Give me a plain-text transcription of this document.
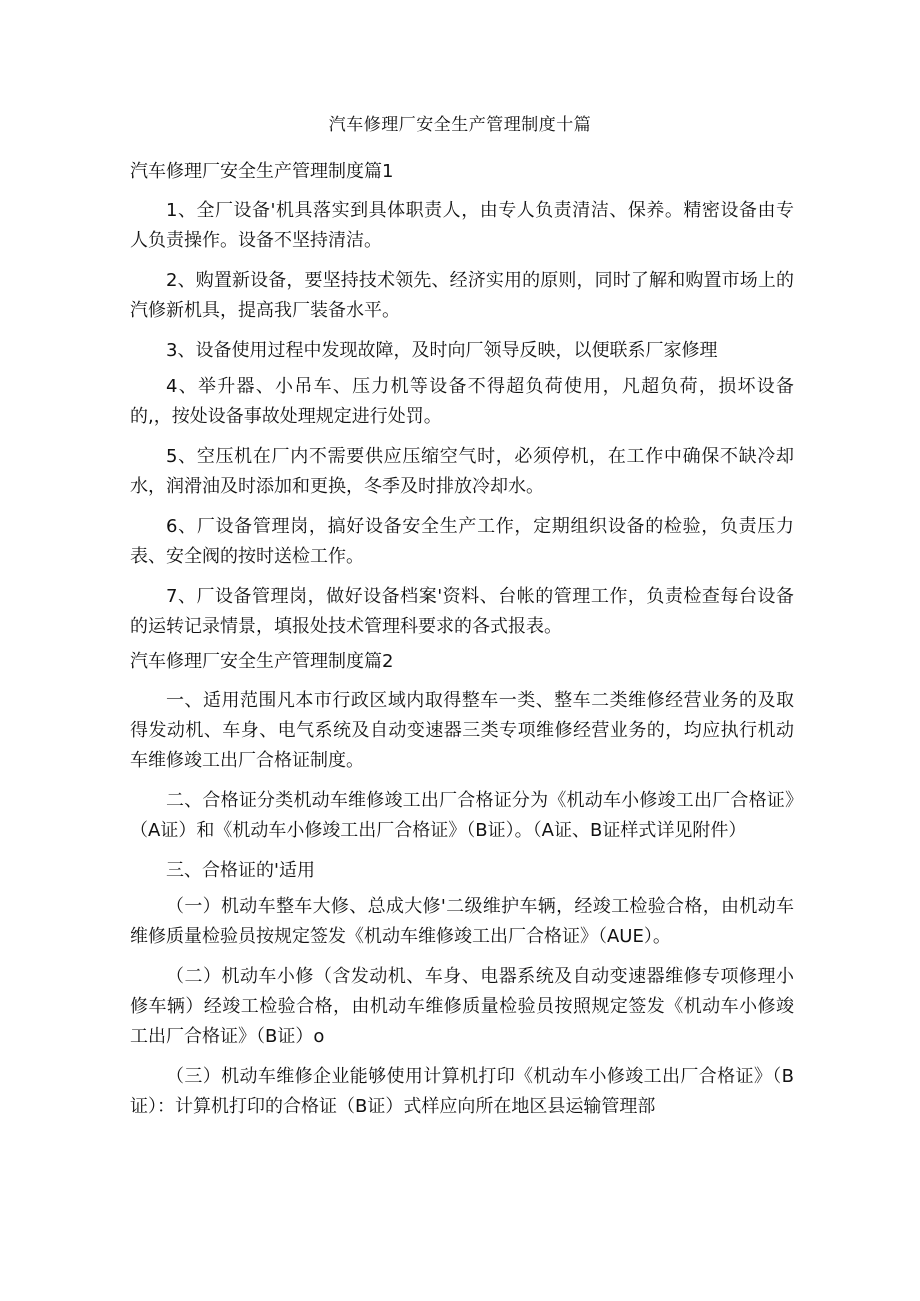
汽车修理厂安全生产管理制度十篇
汽车修理厂安全生产管理制度篇1

1、全厂设备'机具落实到具体职责人，由专人负责清洁、保养。精密设备由专人负责操作。设备不坚持清洁。

2、购置新设备，要坚持技术领先、经济实用的原则，同时了解和购置市场上的汽修新机具，提高我厂装备水平。

3、设备使用过程中发现故障，及时向厂领导反映，以便联系厂家修理

4、举升器、小吊车、压力机等设备不得超负荷使用，凡超负荷，损坏设备的,，按处设备事故处理规定进行处罚。

5、空压机在厂内不需要供应压缩空气时，必须停机，在工作中确保不缺冷却水，润滑油及时添加和更换，冬季及时排放冷却水。

6、厂设备管理岗，搞好设备安全生产工作，定期组织设备的检验，负责压力表、安全阀的按时送检工作。

7、厂设备管理岗，做好设备档案'资料、台帐的管理工作，负责检查每台设备的运转记录情景，填报处技术管理科要求的各式报表。

汽车修理厂安全生产管理制度篇2

一、适用范围凡本市行政区域内取得整车一类、整车二类维修经营业务的及取得发动机、车身、电气系统及自动变速器三类专项维修经营业务的，均应执行机动车维修竣工出厂合格证制度。

二、合格证分类机动车维修竣工出厂合格证分为《机动车小修竣工出厂合格证》（A证）和《机动车小修竣工出厂合格证》（B证）。（A证、B证样式详见附件）

三、合格证的'适用

（一）机动车整车大修、总成大修'二级维护车辆，经竣工检验合格，由机动车维修质量检验员按规定签发《机动车维修竣工出厂合格证》（AUE）。

（二）机动车小修（含发动机、车身、电器系统及自动变速器维修专项修理小修车辆）经竣工检验合格，由机动车维修质量检验员按照规定签发《机动车小修竣工出厂合格证》（B证）o

（三）机动车维修企业能够使用计算机打印《机动车小修竣工出厂合格证》（B证）：计算机打印的合格证（B证）式样应向所在地区县运输管理部
